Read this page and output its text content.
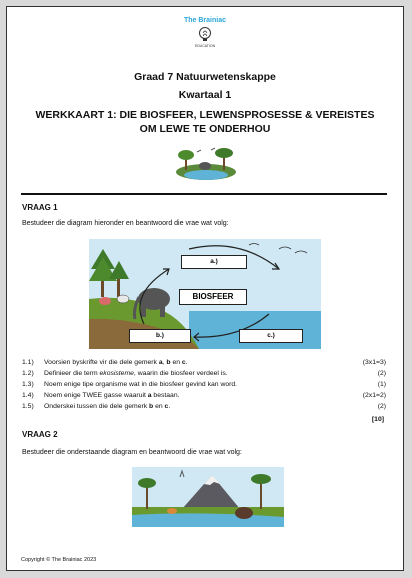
The Brainiac
EDUCATION
Graad 7 Natuurwetenskappe
Kwartaal 1
WERKKAART 1: DIE BIOSFEER, LEWENSPROSESSE & VEREISTES
OM LEWE TE ONDERHOU
VRAAG 1
Bestudeer die diagram hieronder en beantwoord die vrae wat volg:
a.)
BIOSFEER
b.)	c.)
1.1) Voorsien byskrifte vir die dele gemerk a, b en c.	(3x1=3)
1.2) Definieer die term ekosisteme, waarin die biosfeer verdeel is.	(2)
1.3) Noem enige tipe organisme wat in die biosfeer gevind kan word.	(1)
1.4) Noem enige TWEE gasse waaruit a bestaan.	(2x1=2)
1.5) Onderskei tussen die dele gemerk b en c.	(2)
[10]
VRAAG 2
Bestudeer die onderstaande diagram en beantwoord die vrae wat volg:
Copyright © The Brainiac 2023
